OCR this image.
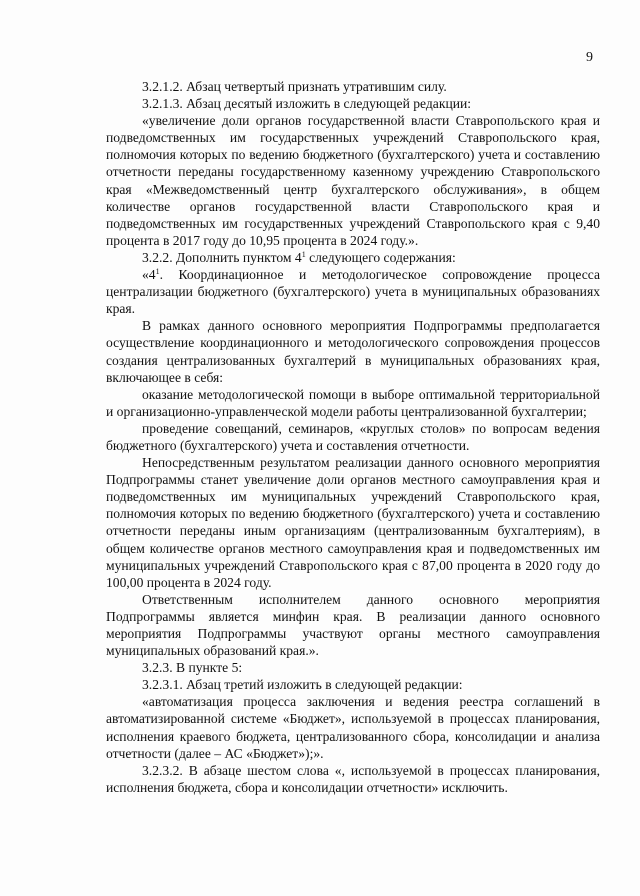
9

3.2.1.2. Абзац четвертый признать утратившим силу.

3.2.1.3. Абзац десятый изложить в следующей редакции:

«увеличение доли органов государственной власти Ставропольского края и подведомственных им государственных учреждений Ставропольского края, полномочия которых по ведению бюджетного (бухгалтерского) учета и составлению отчетности переданы государственному казенному учреждению Ставропольского края «Межведомственный центр бухгалтерского обслуживания», в общем количестве органов государственной власти Ставропольского края и подведомственных им государственных учреждений Ставропольского края с 9,40 процента в 2017 году до 10,95 процента в 2024 году.».

3.2.2. Дополнить пунктом $4^1$ следующего содержания:

«$4^1$. Координационное и методологическое сопровождение процесса централизации бюджетного (бухгалтерского) учета в муниципальных образованиях края.

В рамках данного основного мероприятия Подпрограммы предполагается осуществление координационного и методологического сопровождения процессов создания централизованных бухгалтерий в муниципальных образованиях края, включающее в себя:

оказание методологической помощи в выборе оптимальной территориальной и организационно-управленческой модели работы централизованной бухгалтерии;

проведение совещаний, семинаров, «круглых столов» по вопросам ведения бюджетного (бухгалтерского) учета и составления отчетности.

Непосредственным результатом реализации данного основного мероприятия Подпрограммы станет увеличение доли органов местного самоуправления края и подведомственных им муниципальных учреждений Ставропольского края, полномочия которых по ведению бюджетного (бухгалтерского) учета и составлению отчетности переданы иным организациям (централизованным бухгалтериям), в общем количестве органов местного самоуправления края и подведомственных им муниципальных учреждений Ставропольского края с 87,00 процента в 2020 году до 100,00 процента в 2024 году.

Ответственным исполнителем данного основного мероприятия Подпрограммы является минфин края. В реализации данного основного мероприятия Подпрограммы участвуют органы местного самоуправления муниципальных образований края.».

3.2.3. В пункте 5:

3.2.3.1. Абзац третий изложить в следующей редакции:

«автоматизация процесса заключения и ведения реестра соглашений в автоматизированной системе «Бюджет», используемой в процессах планирования, исполнения краевого бюджета, централизованного сбора, консолидации и анализа отчетности (далее – АС «Бюджет»);».

3.2.3.2. В абзаце шестом слова «, используемой в процессах планирования, исполнения бюджета, сбора и консолидации отчетности» исключить.
